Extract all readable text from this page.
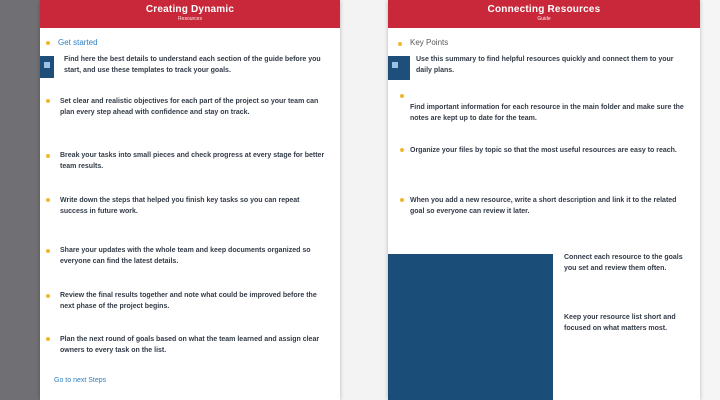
Creating Dynamic
Resources
Get started
Find here the best details to understand each section of the guide before you start, and use these templates to track your goals.
Set clear and realistic objectives for each part of the project so your team can plan every step ahead with confidence and stay on track.
Break your tasks into small pieces and check progress at every stage for better team results.
Write down the steps that helped you finish key tasks so you can repeat success in future work.
Share your updates with the whole team and keep documents organized so everyone can find the latest details.
Review the final results together and note what could be improved before the next phase of the project begins.
Plan the next round of goals based on what the team learned and assign clear owners to every task on the list.
Go to next Steps
Connecting Resources
Guide
Key Points
Use this summary to find helpful resources quickly and connect them to your daily plans.
Find important information for each resource in the main folder and make sure the notes are kept up to date for the team.
Organize your files by topic so that the most useful resources are easy to reach.
When you add a new resource, write a short description and link it to the related goal so everyone can review it later.
Connect each resource to the goals you set and review them often.
Keep your resource list short and focused on what matters most.
